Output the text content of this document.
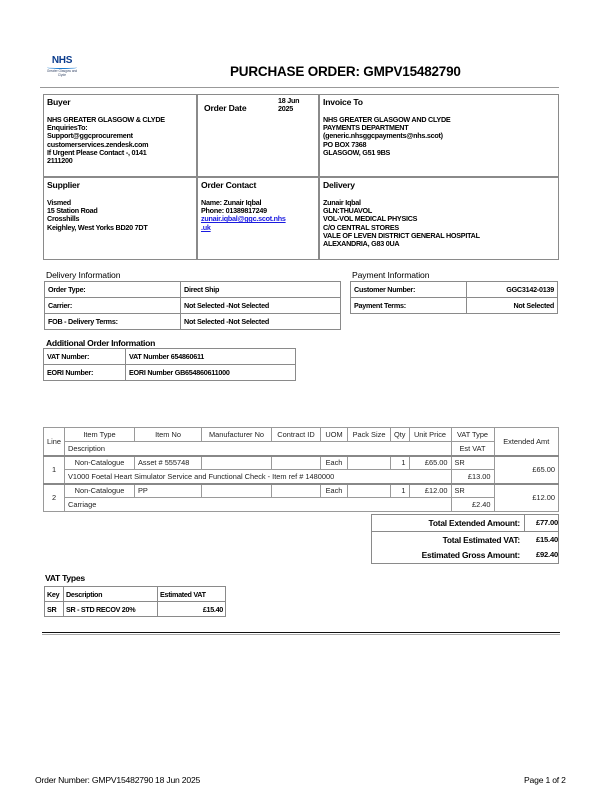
NHS
Greater Glasgow and Clyde	PURCHASE ORDER: GMPV15482790
Buyer
NHS GREATER GLASGOW & CLYDE
EnquiriesTo:
Support@ggcprocurement
customerservices.zendesk.com
If Urgent Please Contact -, 0141
2111200
Order Date
18 Jun
2025
Invoice To
NHS GREATER GLASGOW AND CLYDE
PAYMENTS DEPARTMENT
(generic.nhsggcpayments@nhs.scot)
PO BOX 7368
GLASGOW, G51 9BS
Supplier
Vismed
15 Station Road
Crosshills
Keighley, West Yorks BD20 7DT
Order Contact
Name: Zunair Iqbal
Phone: 01389817249
zunair.iqbal@ggc.scot.nhs
.uk
Delivery
Zunair Iqbal
GLN:THUAVOL
VOL-VOL MEDICAL PHYSICS
C/O CENTRAL STORES
VALE OF LEVEN DISTRICT GENERAL HOSPITAL
ALEXANDRIA, G83 0UA
Delivery Information
Order Type:	Direct Ship
Carrier:	Not Selected -Not Selected
FOB - Delivery Terms:	Not Selected -Not Selected
Payment Information
Customer Number:	GGC3142-0139
Payment Terms:	Not Selected
Additional Order Information
VAT Number:	VAT Number 654860611
EORI Number:	EORI Number GB654860611000
Line	Item Type	Item No	Manufacturer No	Contract ID	UOM	Pack Size	Qty	Unit Price	VAT Type	Extended Amt
	Description								Est VAT	
1	Non-Catalogue	Asset # 555748			Each		1	£65.00	SR	£65.00
	V1000 Foetal Heart Simulator Service and Functional Check - Item ref # 1480000								£13.00	
2	Non-Catalogue	PP			Each		1	£12.00	SR	£12.00
	Carriage								£2.40	
Total Extended Amount:	£77.00
Total Estimated VAT:	£15.40
Estimated Gross Amount:	£92.40
VAT Types
Key	Description	Estimated VAT
SR	SR - STD RECOV 20%	£15.40
Order Number: GMPV15482790 18 Jun 2025	Page 1 of 2
